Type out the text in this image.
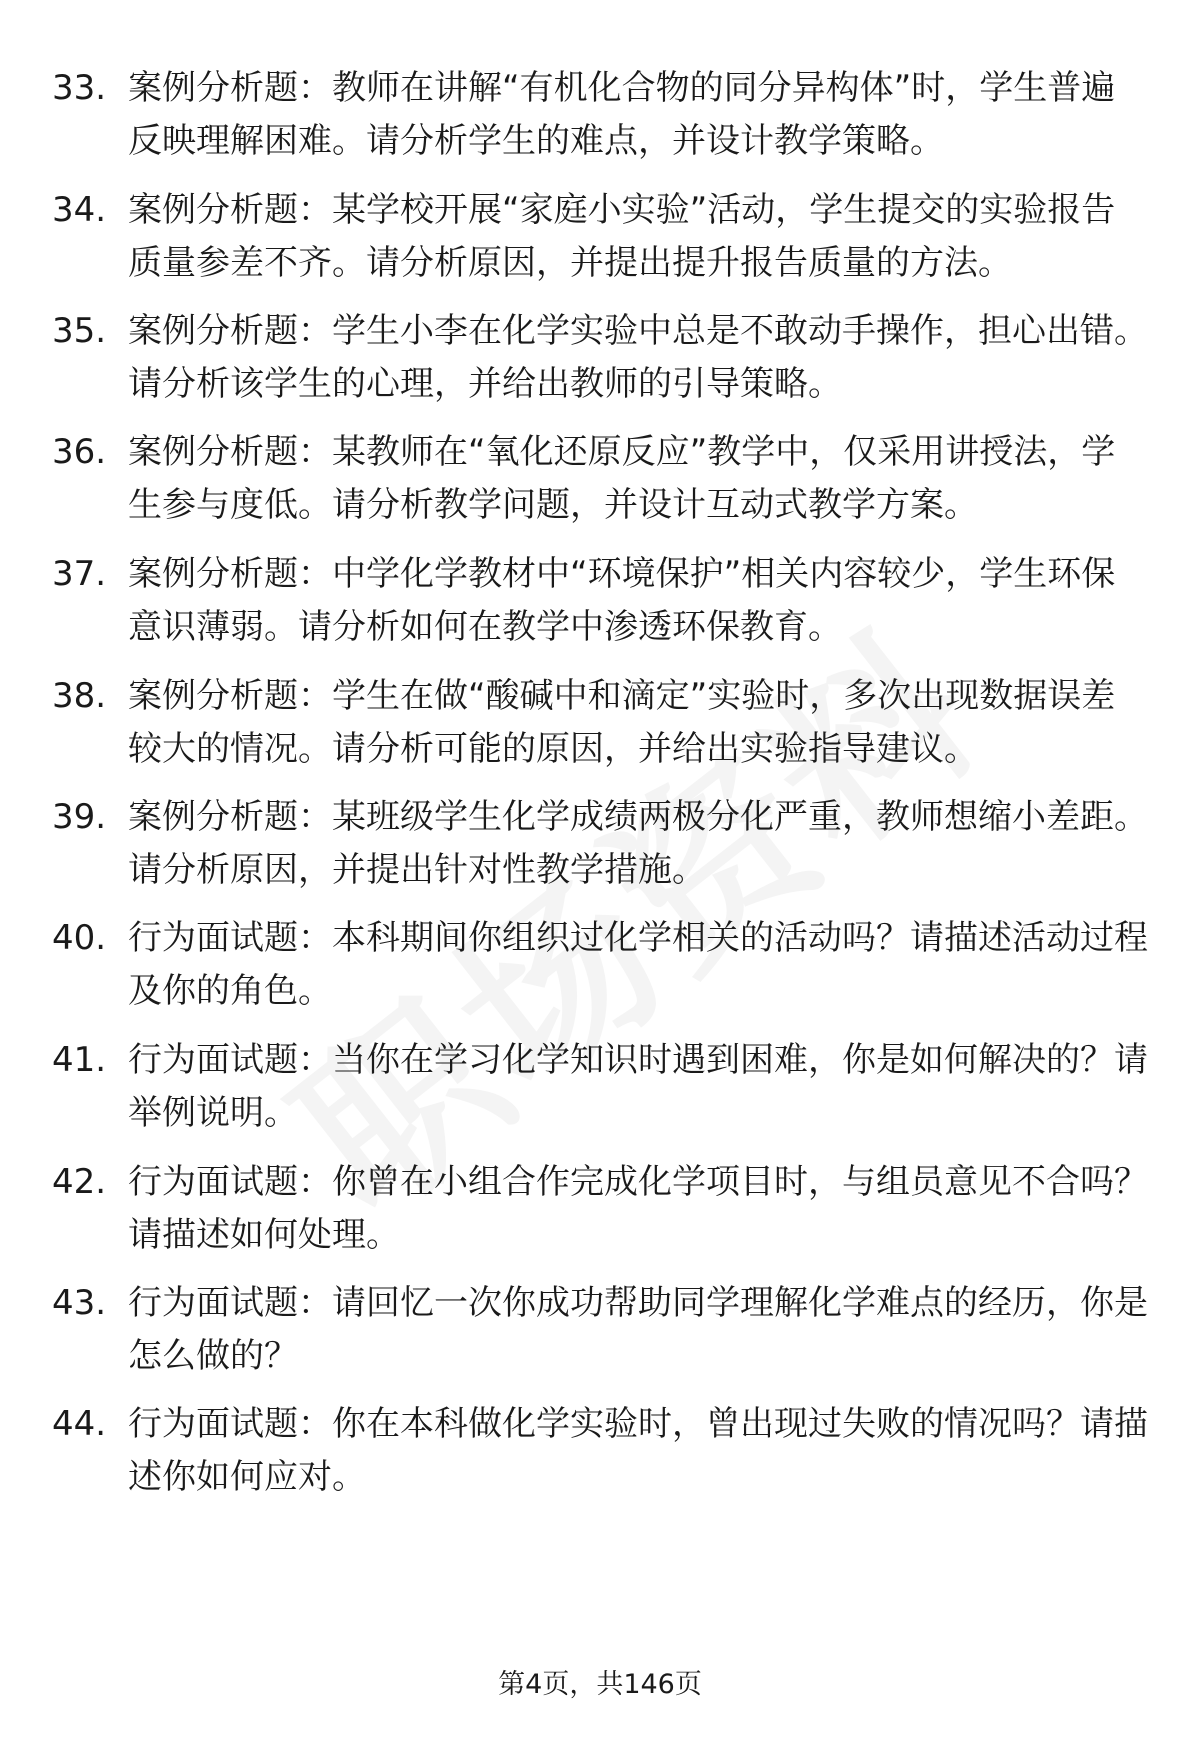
33. 案例分析题：教师在讲解“有机化合物的同分异构体”时，学生普遍反映理解困难。请分析学生的难点，并设计教学策略。
34. 案例分析题：某学校开展“家庭小实验”活动，学生提交的实验报告质量参差不齐。请分析原因，并提出提升报告质量的方法。
35. 案例分析题：学生小李在化学实验中总是不敢动手操作，担心出错。请分析该学生的心理，并给出教师的引导策略。
36. 案例分析题：某教师在“氧化还原反应”教学中，仅采用讲授法，学生参与度低。请分析教学问题，并设计互动式教学方案。
37. 案例分析题：中学化学教材中“环境保护”相关内容较少，学生环保意识薄弱。请分析如何在教学中渗透环保教育。
38. 案例分析题：学生在做“酸碱中和滴定”实验时，多次出现数据误差较大的情况。请分析可能的原因，并给出实验指导建议。
39. 案例分析题：某班级学生化学成绩两极分化严重，教师想缩小差距。请分析原因，并提出针对性教学措施。
40. 行为面试题：本科期间你组织过化学相关的活动吗？请描述活动过程及你的角色。
41. 行为面试题：当你在学习化学知识时遇到困难，你是如何解决的？请举例说明。
42. 行为面试题：你曾在小组合作完成化学项目时，与组员意见不合吗？请描述如何处理。
43. 行为面试题：请回忆一次你成功帮助同学理解化学难点的经历，你是怎么做的？
44. 行为面试题：你在本科做化学实验时，曾出现过失败的情况吗？请描述你如何应对。
第4页，共146页
